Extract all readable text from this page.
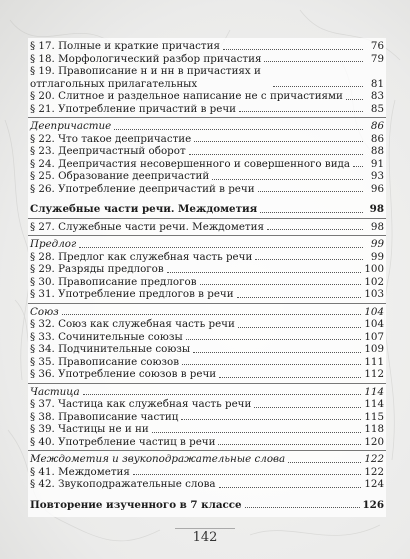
§ 17. Полные и краткие причастия	76
§ 18. Морфологический разбор причастия	79
§ 19. Правописание н и нн в причастиях и отглагольных прилагательных	81
§ 20. Слитное и раздельное написание не с причастиями	83
§ 21. Употребление причастий в речи	85
Деепричастие	86
§ 22. Что такое деепричастие	86
§ 23. Деепричастный оборот	88
§ 24. Деепричастия несовершенного и совершенного вида	91
§ 25. Образование деепричастий	93
§ 26. Употребление деепричастий в речи	96
Служебные части речи. Междометия	98
§ 27. Служебные части речи. Междометия	98
Предлог	99
§ 28. Предлог как служебная часть речи	99
§ 29. Разряды предлогов	100
§ 30. Правописание предлогов	102
§ 31. Употребление предлогов в речи	103
Союз	104
§ 32. Союз как служебная часть речи	104
§ 33. Сочинительные союзы	107
§ 34. Подчинительные союзы	109
§ 35. Правописание союзов	111
§ 36. Употребление союзов в речи	112
Частица	114
§ 37. Частица как служебная часть речи	114
§ 38. Правописание частиц	115
§ 39. Частицы не и ни	118
§ 40. Употребление частиц в речи	120
Междометия и звукоподражательные слова	122
§ 41. Междометия	122
§ 42. Звукоподражательные слова	124
Повторение изученного в 7 классе	126
142
